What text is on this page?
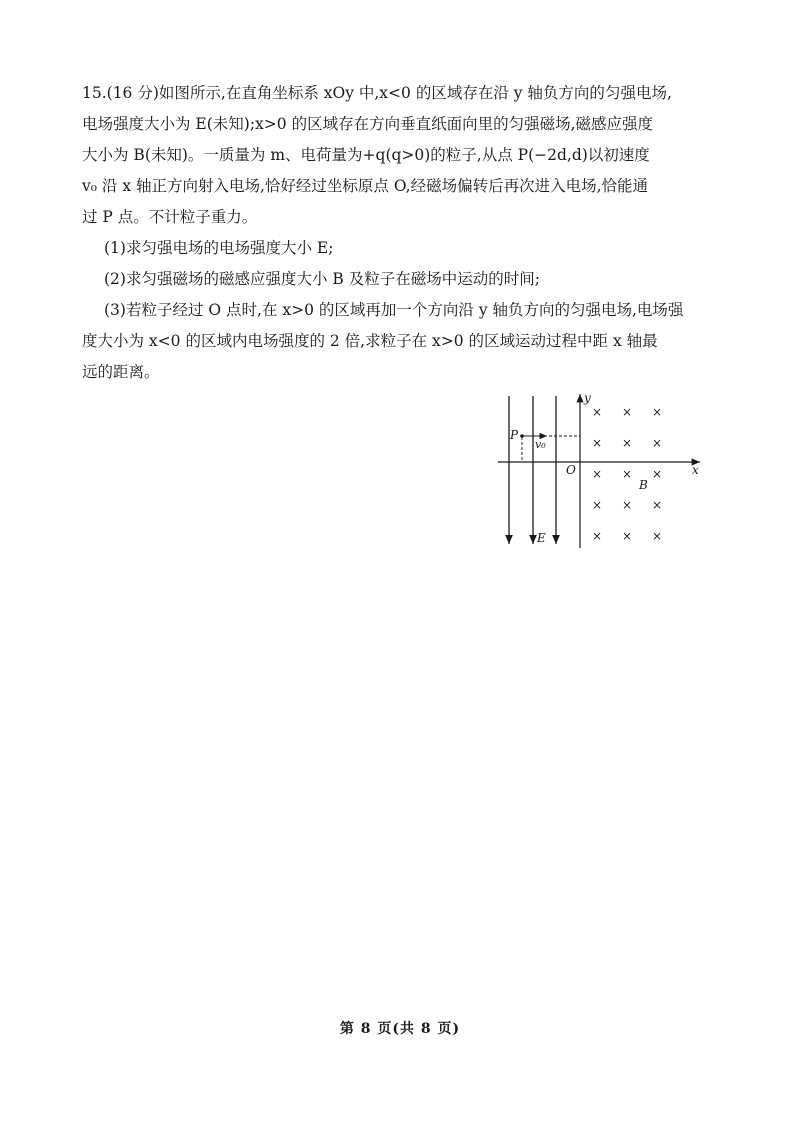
15.(16 分)如图所示,在直角坐标系 xOy 中,x<0 的区域存在沿 y 轴负方向的匀强电场,

电场强度大小为 E(未知);x>0 的区域存在方向垂直纸面向里的匀强磁场,磁感应强度

大小为 B(未知)。一质量为 m、电荷量为+q(q>0)的粒子,从点 P(−2d,d)以初速度

v₀ 沿 x 轴正方向射入电场,恰好经过坐标原点 O,经磁场偏转后再次进入电场,恰能通

过 P 点。不计粒子重力。

(1)求匀强电场的电场强度大小 E;

(2)求匀强磁场的磁感应强度大小 B 及粒子在磁场中运动的时间;

(3)若粒子经过 O 点时,在 x>0 的区域再加一个方向沿 y 轴负方向的匀强电场,电场强

度大小为 x<0 的区域内电场强度的 2 倍,求粒子在 x>0 的区域运动过程中距 x 轴最

远的距离。

y
x
O
P
v₀
× × ×
× × ×
× × ×
× × ×
× × ×
B
E
第 8 页(共 8 页)
